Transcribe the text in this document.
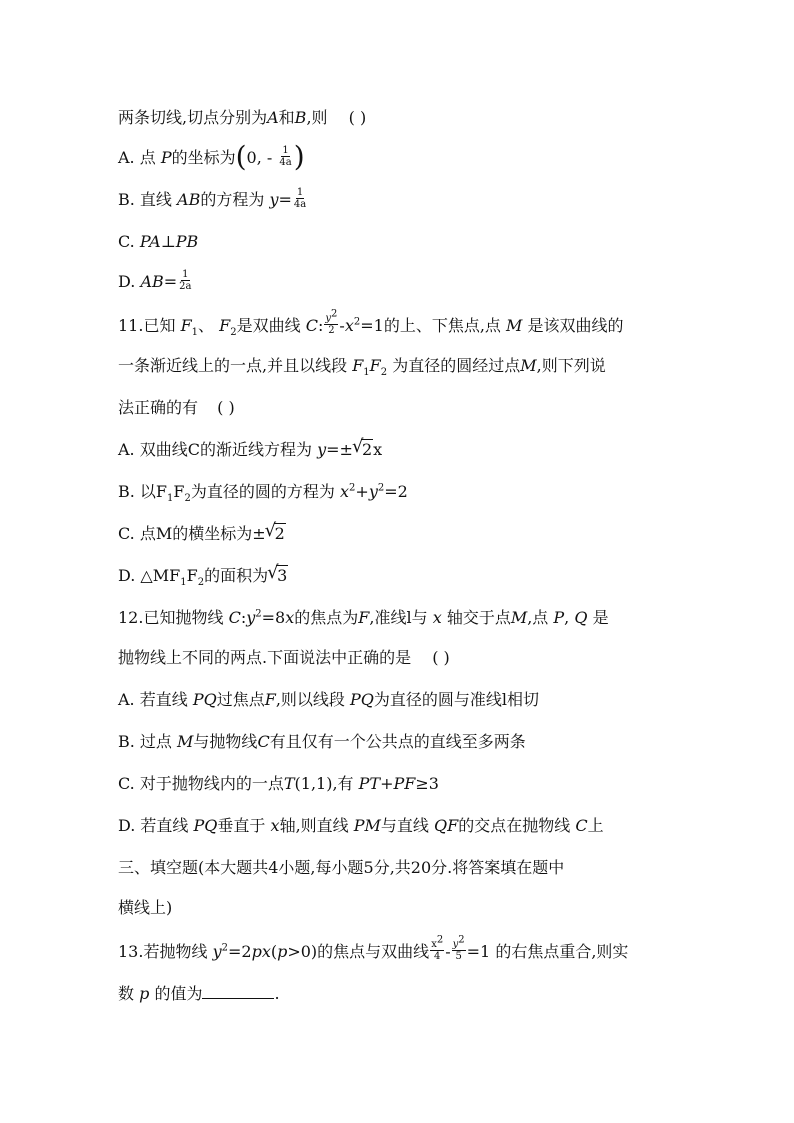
两条切线,切点分别为A和B,则 ( )
A. 点 P的坐标为(0, - $\frac{1}{4a}$ )
B. 直线 AB的方程为 $y= \frac{1}{4a}$
C. PA⊥PB
D. $AB= \frac{1}{2a}$
11.已知 $F_1$、 $F_2$是双曲线 C: $\frac{y^2}{2} -x^2=1$的上、下焦点,点 M 是该双曲线的
一条渐近线上的一点,并且以线段 $F_1F_2$ 为直径的圆经过点M,则下列说
法正确的有 ( )
A. 双曲线C的渐近线方程为 y=± √ 2x
B. 以$F_1F_2$为直径的圆的方程为 $x^2+y^2=2$
C. 点M的横坐标为± √ 2
D. $\triangle MF_1F_2$的面积为 √ 3
12.已知抛物线 $C:y^2=8x$的焦点为F,准线l与 x 轴交于点M,点 P, Q 是
抛物线上不同的两点.下面说法中正确的是 ( )
A. 若直线 PQ过焦点F,则以线段 PQ为直径的圆与准线l相切
B. 过点 M与抛物线C有且仅有一个公共点的直线至多两条
C. 对于抛物线内的一点T(1,1),有 PT+PF≥3
D. 若直线 PQ垂直于 x轴,则直线 PM与直线 QF的交点在抛物线 C上
三、填空题(本大题共4小题,每小题5分,共20分.将答案填在题中
横线上)
13.若抛物线 $y^2=2px(p>0)$的焦点与双曲线 $\frac{x^2}{4} - \frac{y^2}{5} =1$ 的右焦点重合,则实
数 p 的值为	.
